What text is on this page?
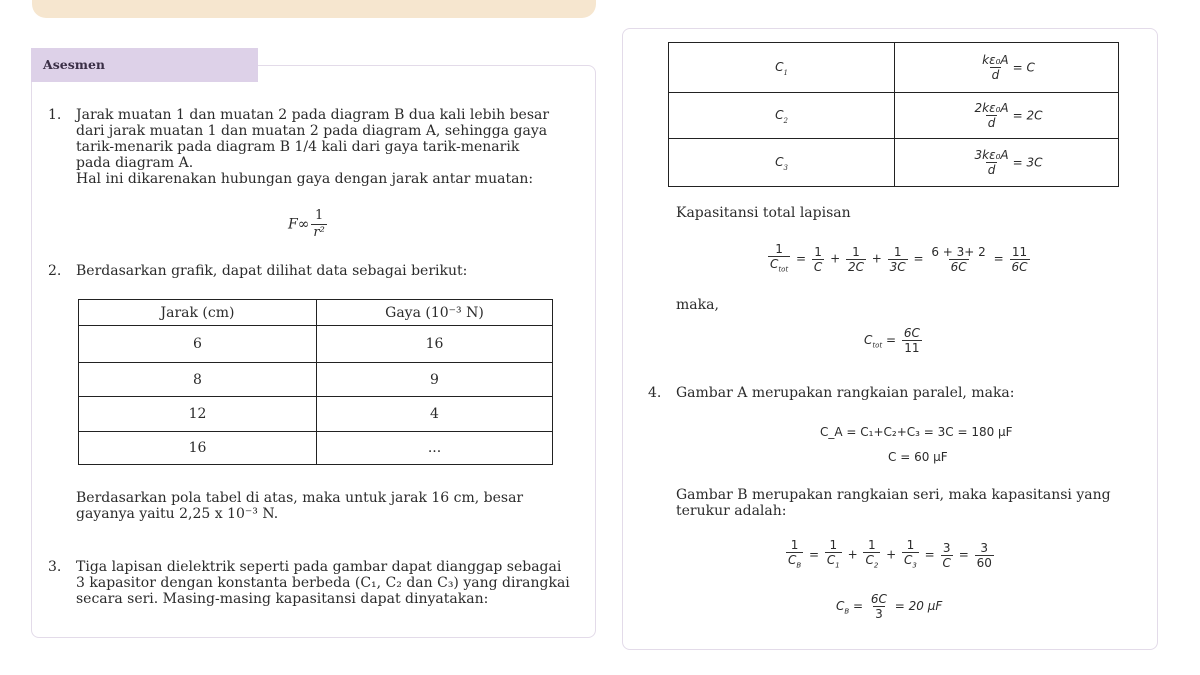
Asesmen
1. Jarak muatan 1 dan muatan 2 pada diagram B dua kali lebih besar

dari jarak muatan 1 dan muatan 2 pada diagram A, sehingga gaya

tarik-menarik pada diagram B 1/4 kali dari gaya tarik-menarik

pada diagram A.

Hal ini dikarenakan hubungan gaya dengan jarak antar muatan:

$F\infty \frac{1}{\text{r²}}$
2. Berdasarkan grafik, dapat dilihat data sebagai berikut:

Jarak (cm)	Gaya (10⁻³ N)
6	16
8	9
12	4
16	...

Berdasarkan pola tabel di atas, maka untuk jarak 16 cm, besar

gayanya yaitu 2,25 x 10⁻³ N.

3. Tiga lapisan dielektrik seperti pada gambar dapat dianggap sebagai

3 kapasitor dengan konstanta berbeda (C₁, C₂ dan C₃) yang dirangkai

secara seri. Masing-masing kapasitansi dapat dinyatakan:

$C_1$	$\frac{\text{kε₀A}}{d} = C$
$C_2$	$\frac{\text{2kε₀A}}{d} = 2C$
$C_3$	$\frac{\text{3kε₀A}}{d} = 3C$

Kapasitansi total lapisan

$\frac{1}{C_{tot}} = \frac{1}{C} + \frac{1}{2C} + \frac{1}{3C} = \frac{6 + 3+ 2}{6C} = \frac{11}{6C}$

maka,

$C_{tot} = \frac{6C}{11}$
4. Gambar A merupakan rangkaian paralel, maka:

C_A = C₁+C₂+C₃ = 3C = 180 μF
C = 60 μF

Gambar B merupakan rangkaian seri, maka kapasitansi yang

terukur adalah:

$\frac{1}{C_B} = \frac{1}{C_1} + \frac{1}{C_2} + \frac{1}{C_3} = \frac{3}{C} = \frac{3}{60}$
$C_B = \frac{6C}{3} = 20$ μF
